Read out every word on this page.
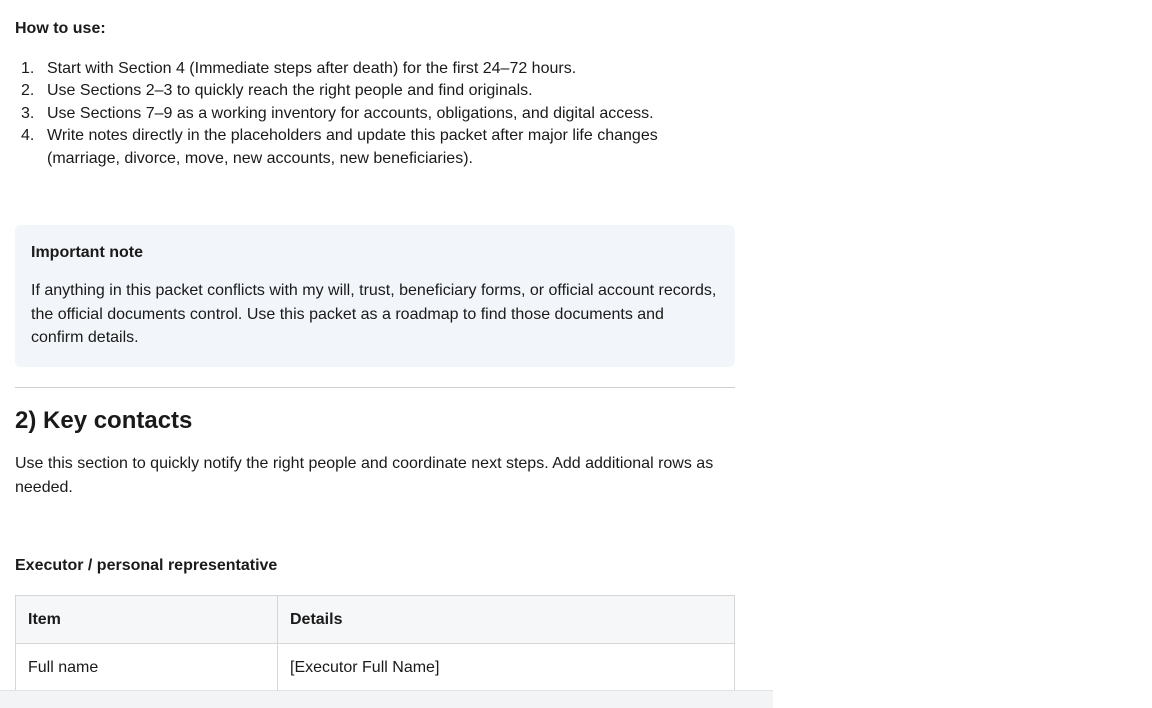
How to use:

1. Start with Section 4 (Immediate steps after death) for the first 24–72 hours.
2. Use Sections 2–3 to quickly reach the right people and find originals.
3. Use Sections 7–9 as a working inventory for accounts, obligations, and digital access.
4. Write notes directly in the placeholders and update this packet after major life changes (marriage, divorce, move, new accounts, new beneficiaries).

Important note

If anything in this packet conflicts with my will, trust, beneficiary forms, or official account records, the official documents control. Use this packet as a roadmap to find those documents and confirm details.

2) Key contacts

Use this section to quickly notify the right people and coordinate next steps. Add additional rows as needed.

Executor / personal representative

Item	Details
Full name	[Executor Full Name]
